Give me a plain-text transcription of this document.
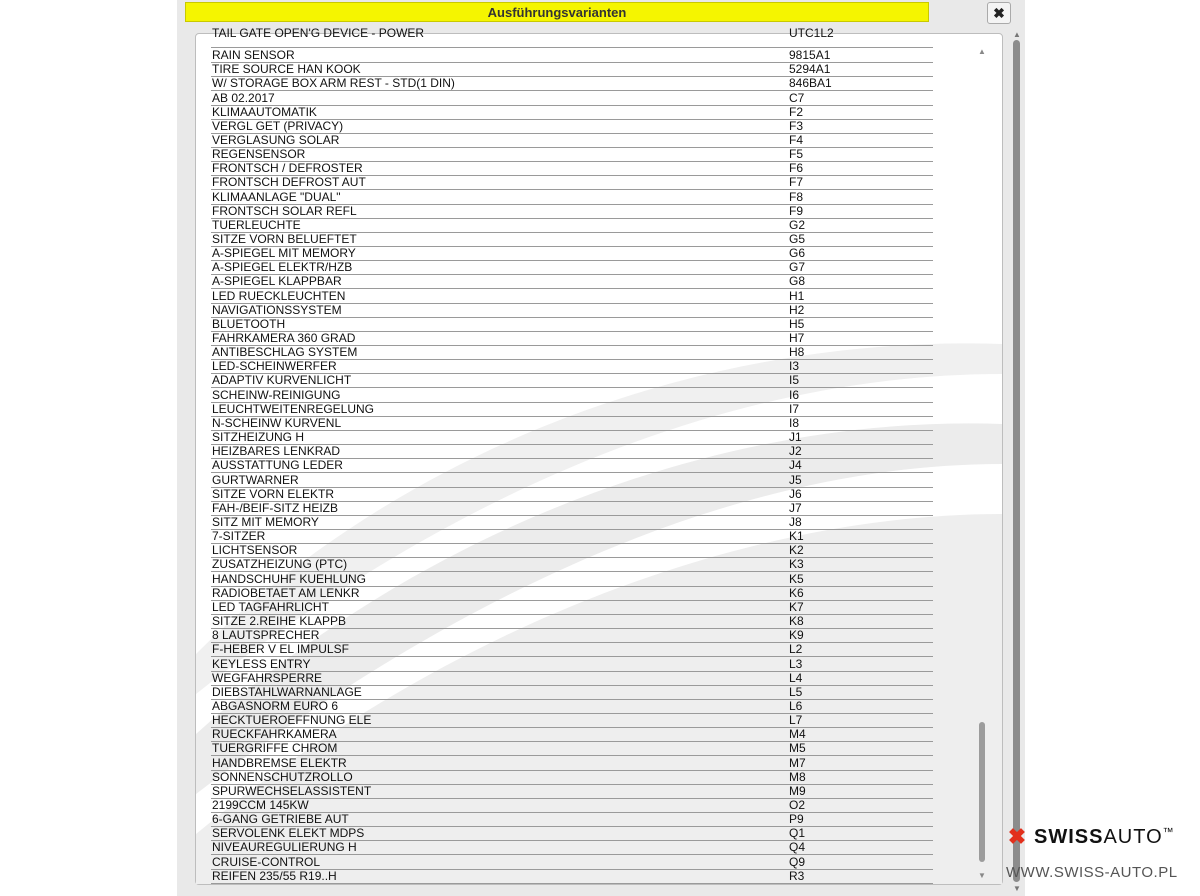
Ausführungsvarianten	✖
TAIL GATE OPEN'G DEVICE - POWER	UTC1L2
RAIN SENSOR	9815A1
TIRE SOURCE HAN KOOK	5294A1
W/ STORAGE BOX ARM REST - STD(1 DIN)	846BA1
AB 02.2017	C7
KLIMAAUTOMATIK	F2
VERGL GET (PRIVACY)	F3
VERGLASUNG SOLAR	F4
REGENSENSOR	F5
FRONTSCH / DEFROSTER	F6
FRONTSCH DEFROST AUT	F7
KLIMAANLAGE "DUAL"	F8
FRONTSCH SOLAR REFL	F9
TUERLEUCHTE	G2
SITZE VORN BELUEFTET	G5
A-SPIEGEL MIT MEMORY	G6
A-SPIEGEL ELEKTR/HZB	G7
A-SPIEGEL KLAPPBAR	G8
LED RUECKLEUCHTEN	H1
NAVIGATIONSSYSTEM	H2
BLUETOOTH	H5
FAHRKAMERA 360 GRAD	H7
ANTIBESCHLAG SYSTEM	H8
LED-SCHEINWERFER	I3
ADAPTIV KURVENLICHT	I5
SCHEINW-REINIGUNG	I6
LEUCHTWEITENREGELUNG	I7
N-SCHEINW KURVENL	I8
SITZHEIZUNG H	J1
HEIZBARES LENKRAD	J2
AUSSTATTUNG LEDER	J4
GURTWARNER	J5
SITZE VORN ELEKTR	J6
FAH-/BEIF-SITZ HEIZB	J7
SITZ MIT MEMORY	J8
7-SITZER	K1
LICHTSENSOR	K2
ZUSATZHEIZUNG (PTC)	K3
HANDSCHUHF KUEHLUNG	K5
RADIOBETAET AM LENKR	K6
LED TAGFAHRLICHT	K7
SITZE 2.REIHE KLAPPB	K8
8 LAUTSPRECHER	K9
F-HEBER V EL IMPULSF	L2
KEYLESS ENTRY	L3
WEGFAHRSPERRE	L4
DIEBSTAHLWARNANLAGE	L5
ABGASNORM EURO 6	L6
HECKTUEROEFFNUNG ELE	L7
RUECKFAHRKAMERA	M4
TUERGRIFFE CHROM	M5
HANDBREMSE ELEKTR	M7
SONNENSCHUTZROLLO	M8
SPURWECHSELASSISTENT	M9
2199CCM 145KW	O2
6-GANG GETRIEBE AUT	P9
SERVOLENK ELEKT MDPS	Q1
NIVEAUREGULIERUNG H	Q4
CRUISE-CONTROL	Q9
REIFEN 235/55 R19..H	R3
▲
▼
▲
▼
✖ SWISSAUTO™
WWW.SWISS-AUTO.PL
